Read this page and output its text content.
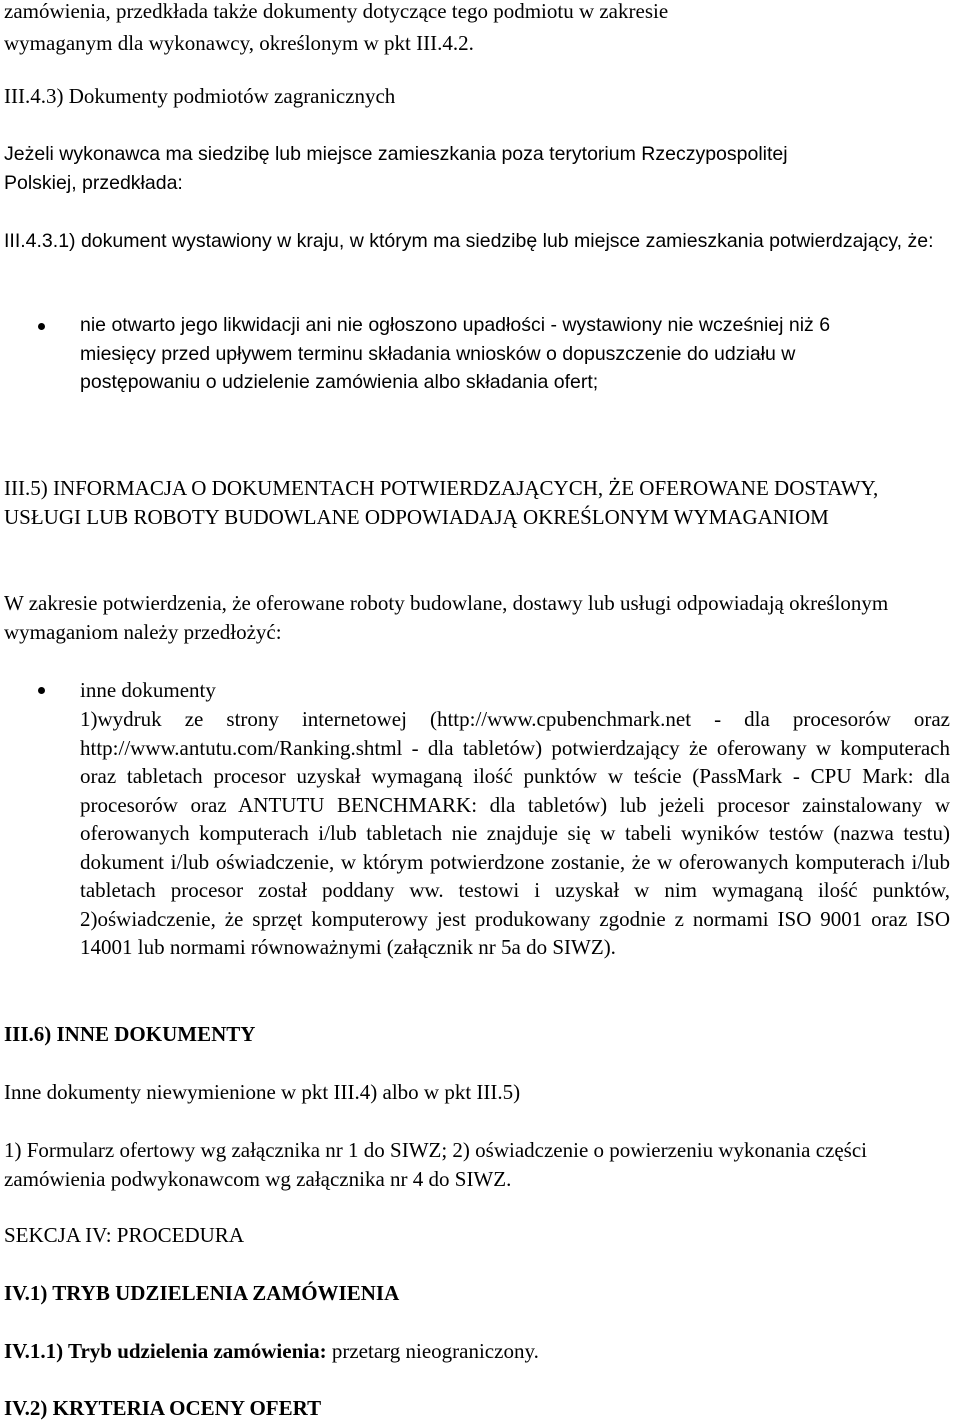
zamówienia, przedkłada także dokumenty dotyczące tego podmiotu w zakresie

wymaganym dla wykonawcy, określonym w pkt III.4.2.

III.4.3) Dokumenty podmiotów zagranicznych

Jeżeli wykonawca ma siedzibę lub miejsce zamieszkania poza terytorium Rzeczypospolitej Polskiej, przedkłada:

III.4.3.1) dokument wystawiony w kraju, w którym ma siedzibę lub miejsce zamieszkania potwierdzający, że:

nie otwarto jego likwidacji ani nie ogłoszono upadłości - wystawiony nie wcześniej niż 6 miesięcy przed upływem terminu składania wniosków o dopuszczenie do udziału w postępowaniu o udzielenie zamówienia albo składania ofert;

III.5) INFORMACJA O DOKUMENTACH POTWIERDZAJĄCYCH, ŻE OFEROWANE DOSTAWY, USŁUGI LUB ROBOTY BUDOWLANE ODPOWIADAJĄ OKREŚLONYM WYMAGANIOM

W zakresie potwierdzenia, że oferowane roboty budowlane, dostawy lub usługi odpowiadają określonym wymaganiom należy przedłożyć:

inne dokumenty

1)wydruk ze strony internetowej (http://www.cpubenchmark.net - dla procesorów oraz http://www.antutu.com/Ranking.shtml - dla tabletów) potwierdzający że oferowany w komputerach oraz tabletach procesor uzyskał wymaganą ilość punktów w teście (PassMark - CPU Mark: dla procesorów oraz ANTUTU BENCHMARK: dla tabletów) lub jeżeli procesor zainstalowany w oferowanych komputerach i/lub tabletach nie znajduje się w tabeli wyników testów (nazwa testu) dokument i/lub oświadczenie, w którym potwierdzone zostanie, że w oferowanych komputerach i/lub tabletach procesor został poddany ww. testowi i uzyskał w nim wymaganą ilość punktów, 2)oświadczenie, że sprzęt komputerowy jest produkowany zgodnie z normami ISO 9001 oraz ISO 14001 lub normami równoważnymi (załącznik nr 5a do SIWZ).

III.6) INNE DOKUMENTY

Inne dokumenty niewymienione w pkt III.4) albo w pkt III.5)

1) Formularz ofertowy wg załącznika nr 1 do SIWZ; 2) oświadczenie o powierzeniu wykonania części zamówienia podwykonawcom wg załącznika nr 4 do SIWZ.

SEKCJA IV: PROCEDURA

IV.1) TRYB UDZIELENIA ZAMÓWIENIA

IV.1.1) Tryb udzielenia zamówienia: przetarg nieograniczony.

IV.2) KRYTERIA OCENY OFERT
